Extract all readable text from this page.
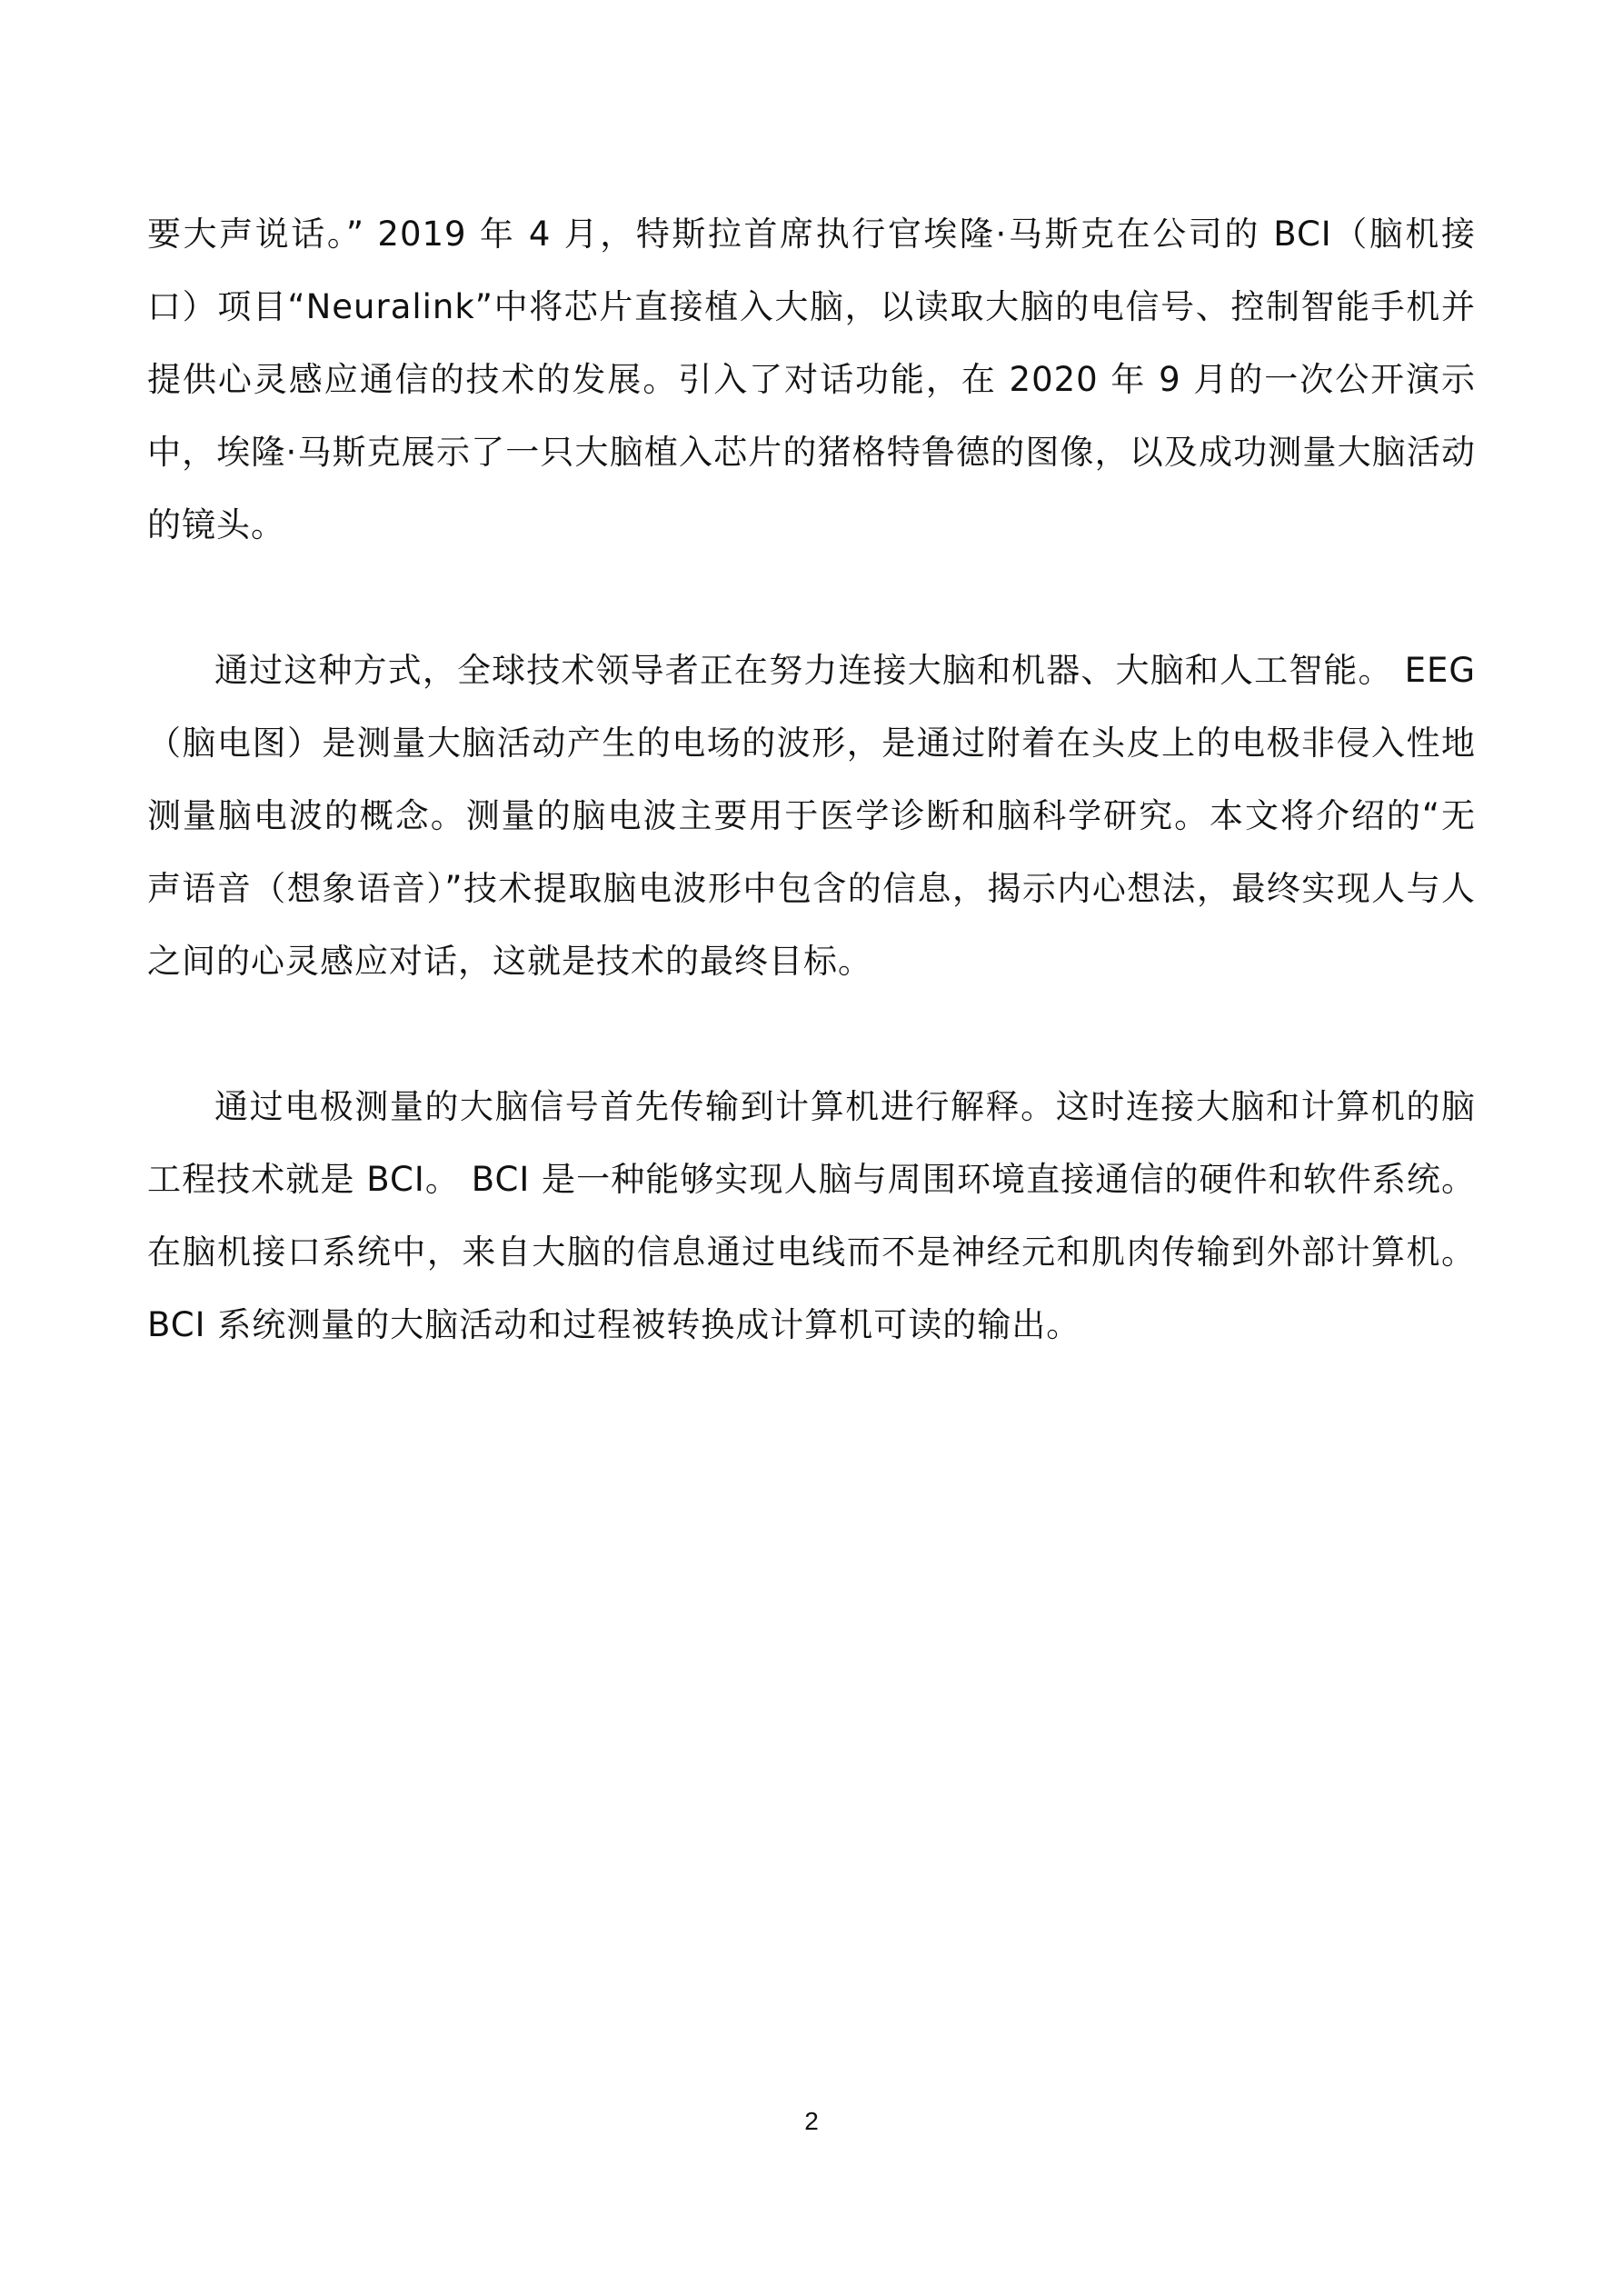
要大声说话。” 2019 年 4 月，特斯拉首席执行官埃隆·马斯克在公司的 BCI（脑机接口）项目“Neuralink”中将芯片直接植入大脑，以读取大脑的电信号、控制智能手机并提供心灵感应通信的技术的发展。引入了对话功能，在 2020 年 9 月的一次公开演示中，埃隆·马斯克展示了一只大脑植入芯片的猪格特鲁德的图像，以及成功测量大脑活动的镜头。

通过这种方式，全球技术领导者正在努力连接大脑和机器、大脑和人工智能。 EEG（脑电图）是测量大脑活动产生的电场的波形，是通过附着在头皮上的电极非侵入性地测量脑电波的概念。测量的脑电波主要用于医学诊断和脑科学研究。本文将介绍的“无声语音（想象语音）”技术提取脑电波形中包含的信息，揭示内心想法，最终实现人与人之间的心灵感应对话，这就是技术的最终目标。

通过电极测量的大脑信号首先传输到计算机进行解释。这时连接大脑和计算机的脑工程技术就是 BCI。 BCI 是一种能够实现人脑与周围环境直接通信的硬件和软件系统。在脑机接口系统中，来自大脑的信息通过电线而不是神经元和肌肉传输到外部计算机。 BCI 系统测量的大脑活动和过程被转换成计算机可读的输出。

2
